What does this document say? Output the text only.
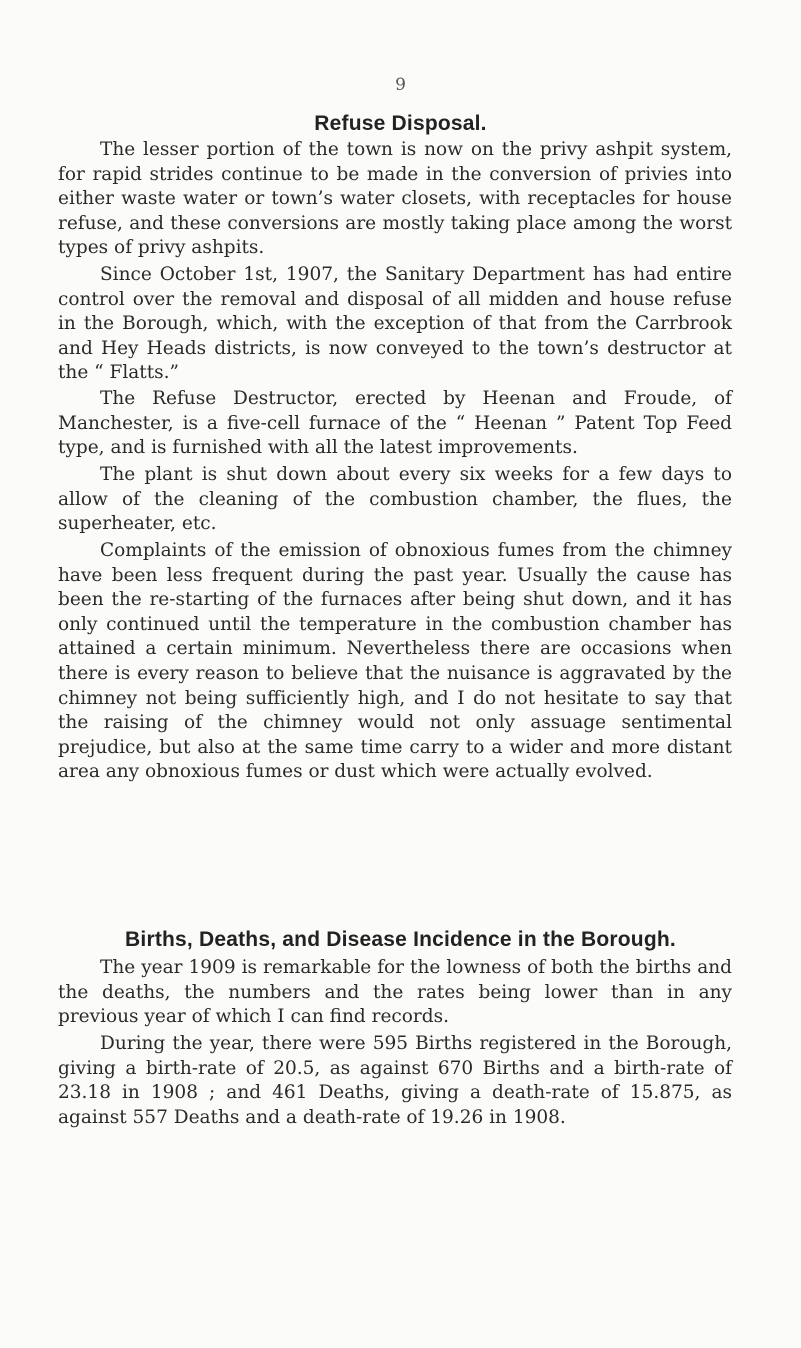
9
Refuse Disposal.

The lesser portion of the town is now on the privy ashpit system, for rapid strides continue to be made in the conversion of privies into either waste water or town’s water closets, with receptacles for house refuse, and these conversions are mostly taking place among the worst types of privy ashpits.

Since October 1st, 1907, the Sanitary Department has had entire control over the removal and disposal of all midden and house refuse in the Borough, which, with the exception of that from the Carrbrook and Hey Heads districts, is now conveyed to the town’s destructor at the “ Flatts.”

The Refuse Destructor, erected by Heenan and Froude, of Manchester, is a five-cell furnace of the “ Heenan ” Patent Top Feed type, and is furnished with all the latest improvements.

The plant is shut down about every six weeks for a few days to allow of the cleaning of the combustion chamber, the flues, the superheater, etc.

Complaints of the emission of obnoxious fumes from the chimney have been less frequent during the past year. Usually the cause has been the re-starting of the furnaces after being shut down, and it has only continued until the temperature in the combustion chamber has attained a certain minimum. Nevertheless there are occasions when there is every reason to believe that the nuisance is aggravated by the chimney not being sufficiently high, and I do not hesitate to say that the raising of the chimney would not only assuage sentimental prejudice, but also at the same time carry to a wider and more distant area any obnoxious fumes or dust which were actually evolved.

Births, Deaths, and Disease Incidence in the Borough.

The year 1909 is remarkable for the lowness of both the births and the deaths, the numbers and the rates being lower than in any previous year of which I can find records.

During the year, there were 595 Births registered in the Borough, giving a birth-rate of 20.5, as against 670 Births and a birth-rate of 23.18 in 1908 ; and 461 Deaths, giving a death-rate of 15.875, as against 557 Deaths and a death-rate of 19.26 in 1908.
